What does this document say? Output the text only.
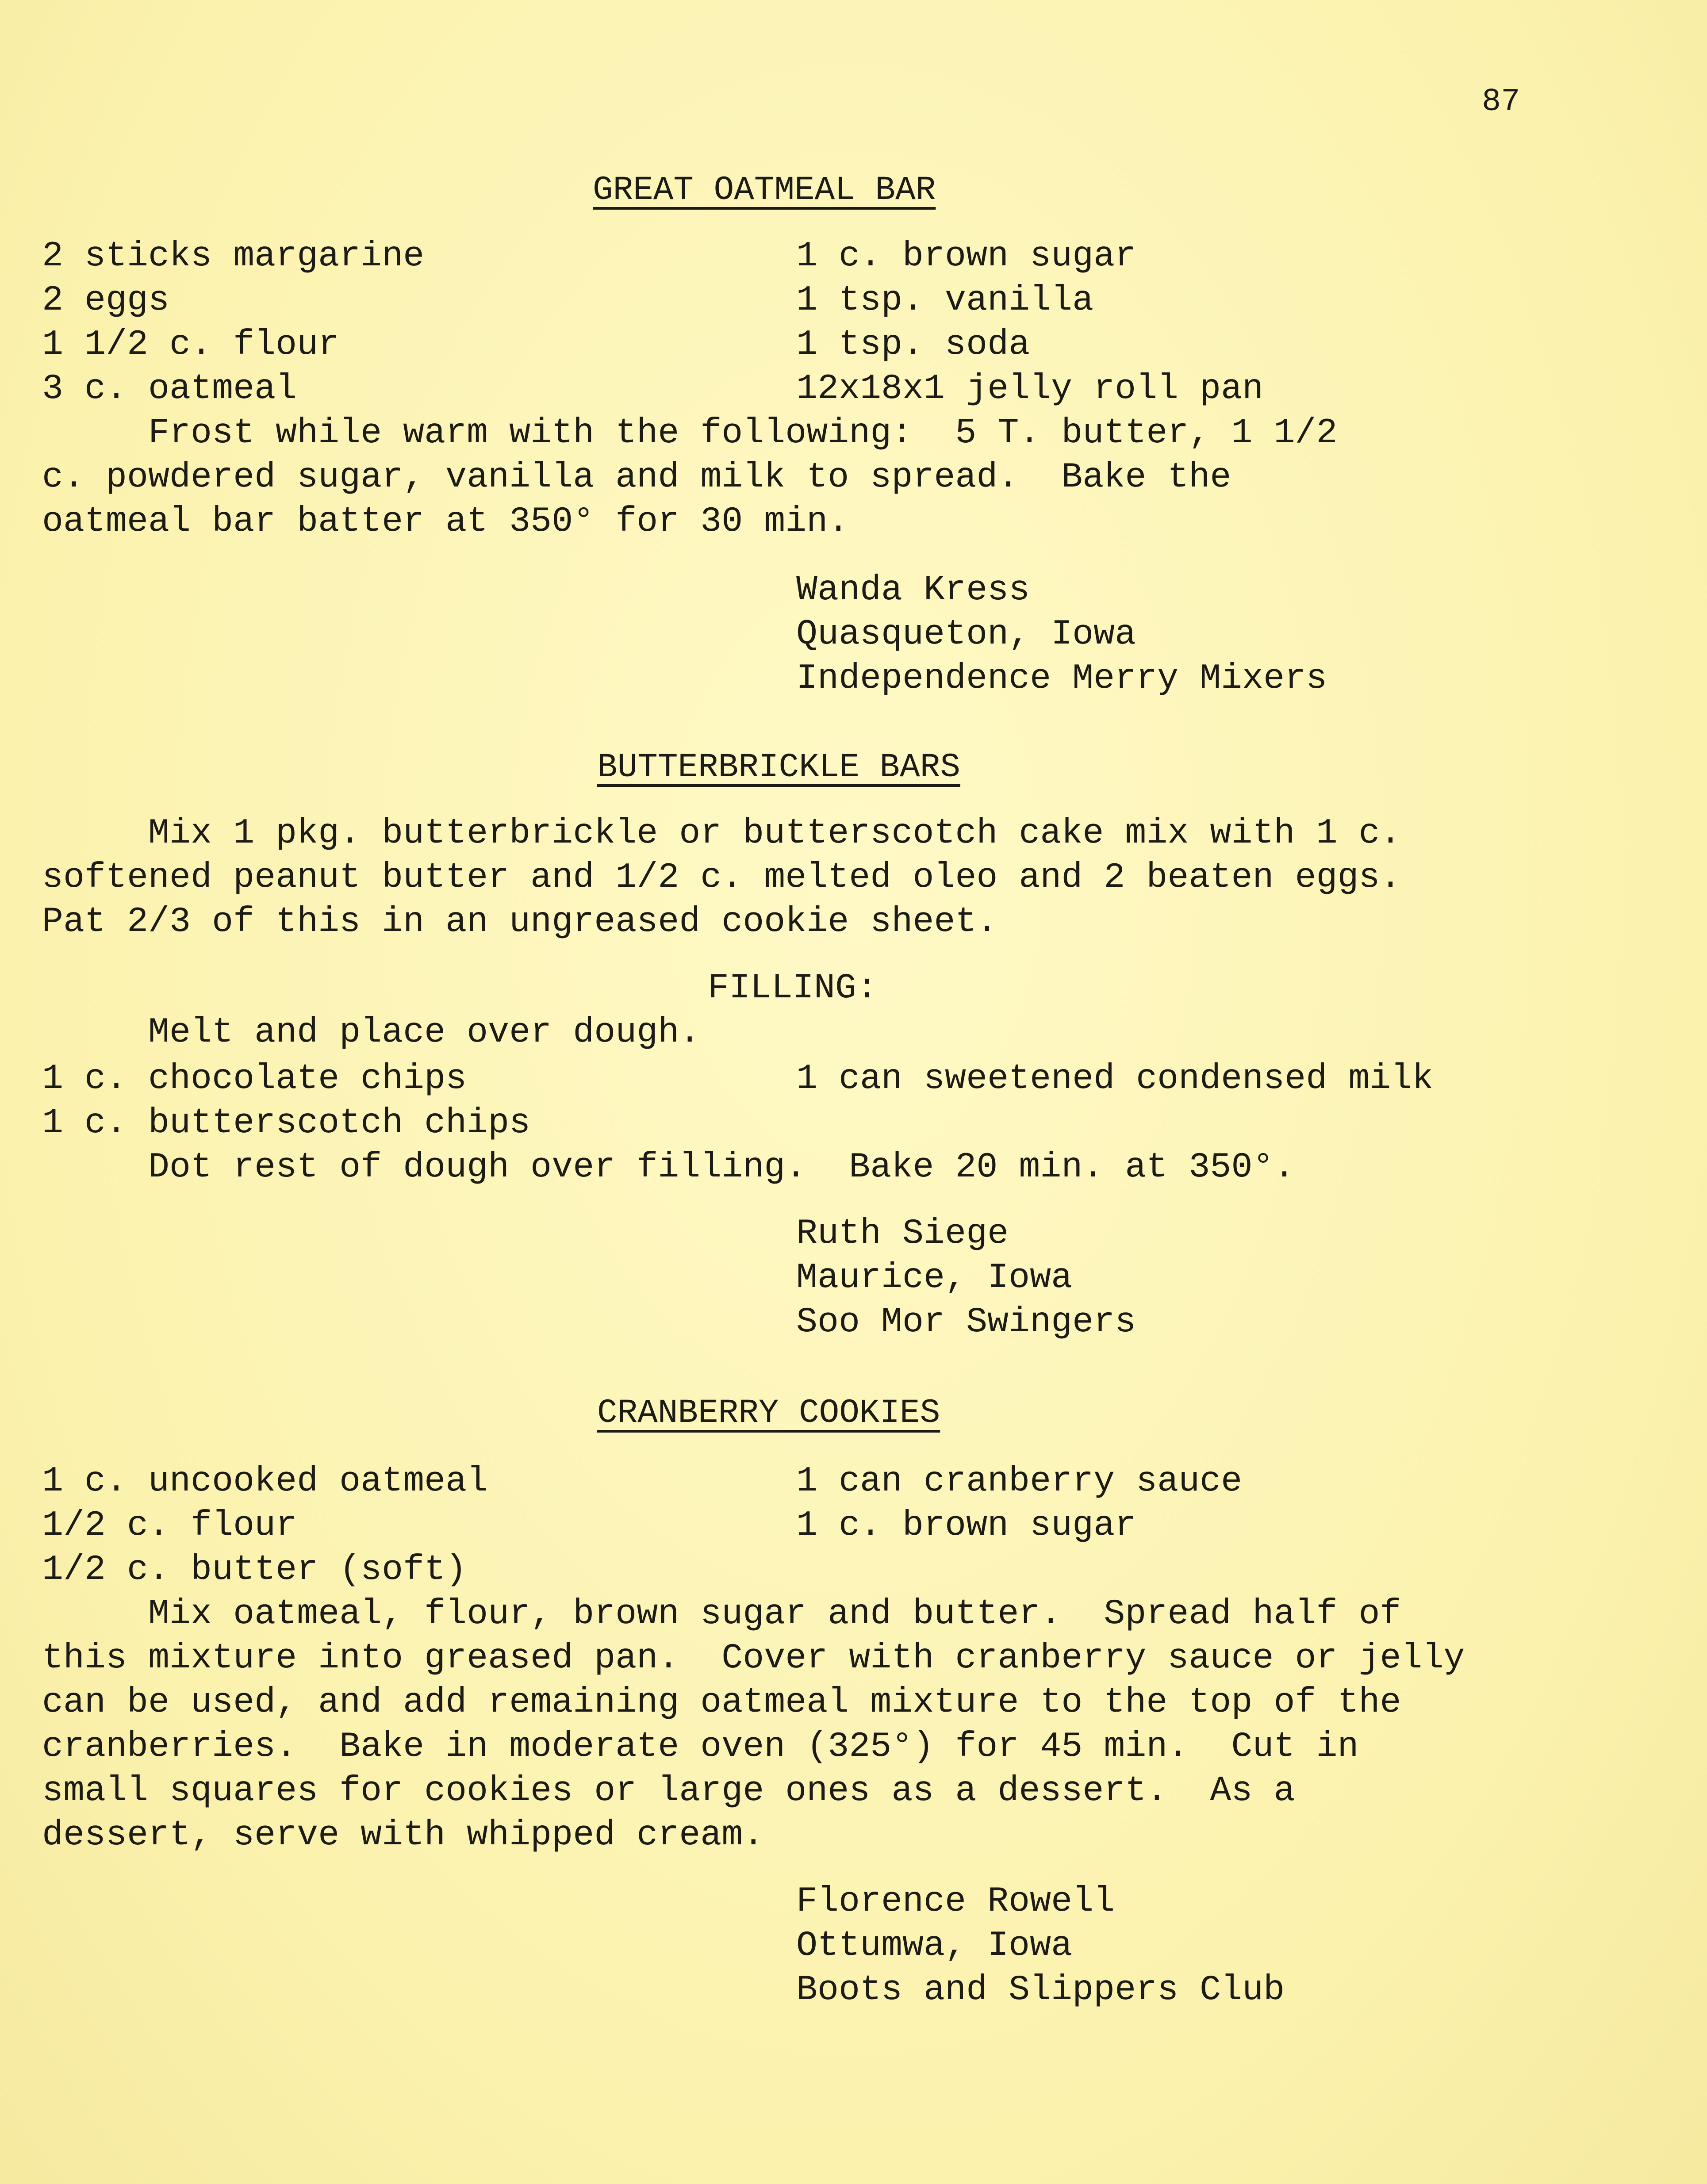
87
GREAT OATMEAL BAR
2 sticks margarine
2 eggs
1 1/2 c. flour
3 c. oatmeal
1 c. brown sugar
1 tsp. vanilla
1 tsp. soda
12x18x1 jelly roll pan
Frost while warm with the following:  5 T. butter, 1 1/2
c. powdered sugar, vanilla and milk to spread.  Bake the
oatmeal bar batter at 350° for 30 min.
Wanda Kress
Quasqueton, Iowa
Independence Merry Mixers
BUTTERBRICKLE BARS
Mix 1 pkg. butterbrickle or butterscotch cake mix with 1 c.
softened peanut butter and 1/2 c. melted oleo and 2 beaten eggs.
Pat 2/3 of this in an ungreased cookie sheet.
FILLING:
Melt and place over dough.
1 c. chocolate chips
1 c. butterscotch chips
1 can sweetened condensed milk
Dot rest of dough over filling.  Bake 20 min. at 350°.
Ruth Siege
Maurice, Iowa
Soo Mor Swingers
CRANBERRY COOKIES
1 c. uncooked oatmeal
1/2 c. flour
1/2 c. butter (soft)
1 can cranberry sauce
1 c. brown sugar
Mix oatmeal, flour, brown sugar and butter.  Spread half of
this mixture into greased pan.  Cover with cranberry sauce or jelly
can be used, and add remaining oatmeal mixture to the top of the
cranberries.  Bake in moderate oven (325°) for 45 min.  Cut in
small squares for cookies or large ones as a dessert.  As a
dessert, serve with whipped cream.
Florence Rowell
Ottumwa, Iowa
Boots and Slippers Club
